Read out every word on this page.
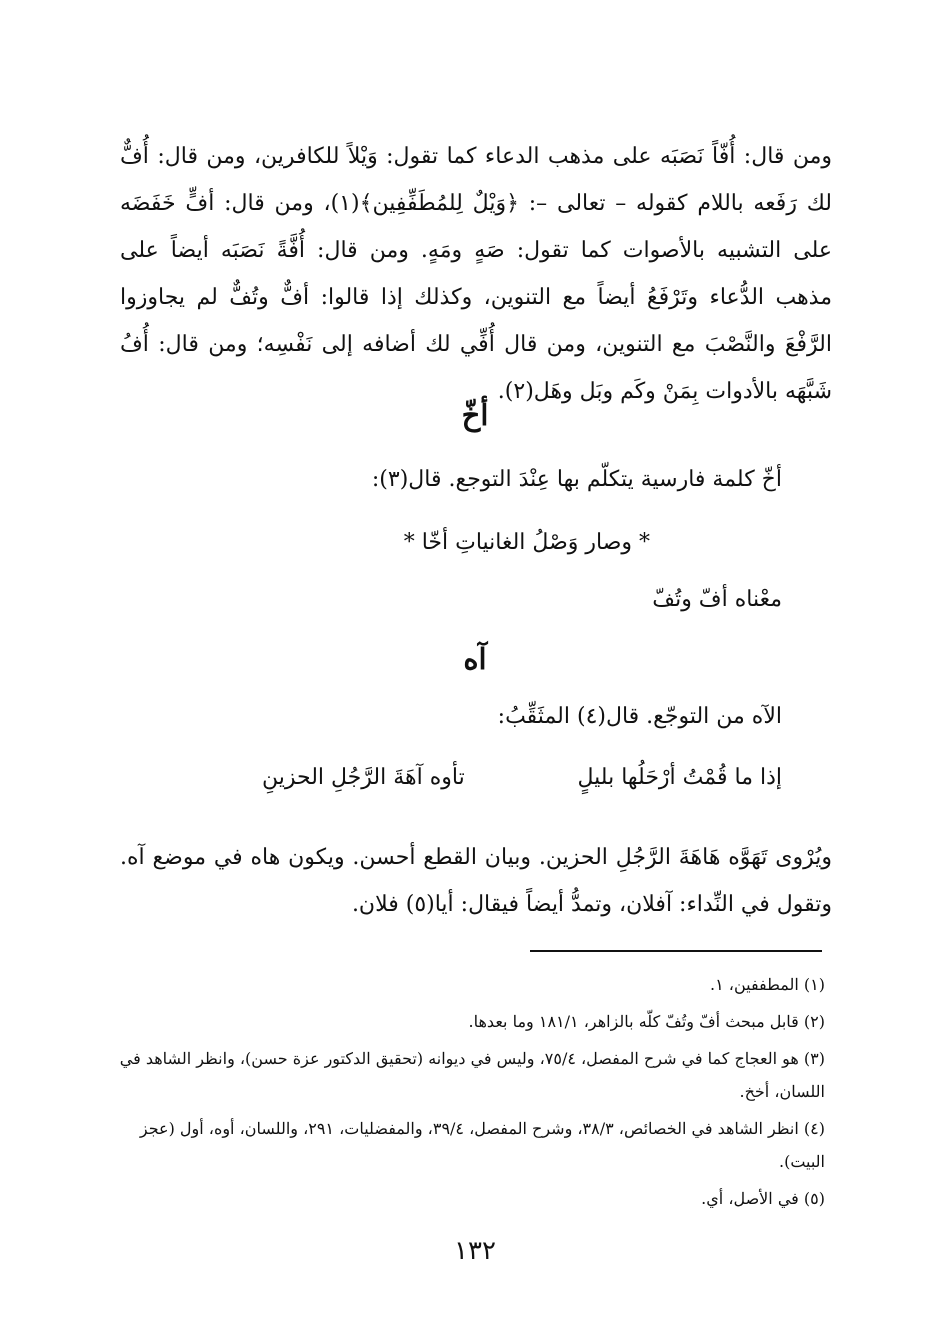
ومن قال: أُفّاً نَصَبَه على مذهب الدعاء كما تقول: وَيْلاً للكافرين، ومن قال: أُفٌّ لك رَفَعه باللام كقوله – تعالى –: ﴿وَيْلٌ لِلمُطَفِّفِين﴾(١)، ومن قال: أفٍّ خَفَضَه على التشبيه بالأصوات كما تقول: صَهٍ ومَهٍ. ومن قال: أُفَّةً نَصَبَه أيضاً على مذهب الدُّعاء وتَرْفَعُ أيضاً مع التنوين، وكذلك إذا قالوا: أفٌّ وتُفٌّ لم يجاوزوا الرَّفْعَ والنَّصْبَ مع التنوين، ومن قال أُفِّي لك أضافه إلى نَفْسِه؛ ومن قال: أُفُ شَبَّهَه بالأدوات بِمَنْ وكَم وبَل وهَل(٢).

أخّ
أخّ كلمة فارسية يتكلّم بها عِنْدَ التوجع. قال(٣):
* وصار وَصْلُ الغانياتِ أخّا *
معْناه أفّ وتُفّ
آه
الآه من التوجّع. قال(٤) المثَقِّبُ:
إذا ما قُمْتُ أرْحَلُها بليلٍ
تأوه آهَةَ الرَّجُلِ الحزينِ

ويُرْوى تَهَوَّه هَاهَةَ الرَّجُلِ الحزين. وبيان القطع أحسن. ويكون هاه في موضع آه. وتقول في النِّداء: آفلان، وتمدُّ أيضاً فيقال: أيا(٥) فلان.

(١) المطففين، ١.
(٢) قابل مبحث أفّ وتُفّ كلّه بالزاهر، ١٨١/١ وما بعدها.
(٣) هو العجاج كما في شرح المفصل، ٧٥/٤، وليس في ديوانه (تحقيق الدكتور عزة حسن)، وانظر الشاهد في اللسان، أخخ.
(٤) انظر الشاهد في الخصائص، ٣٨/٣، وشرح المفصل، ٣٩/٤، والمفضليات، ٢٩١، واللسان، أوه، أول (عجز البيت).
(٥) في الأصل، أي.
١٣٢
